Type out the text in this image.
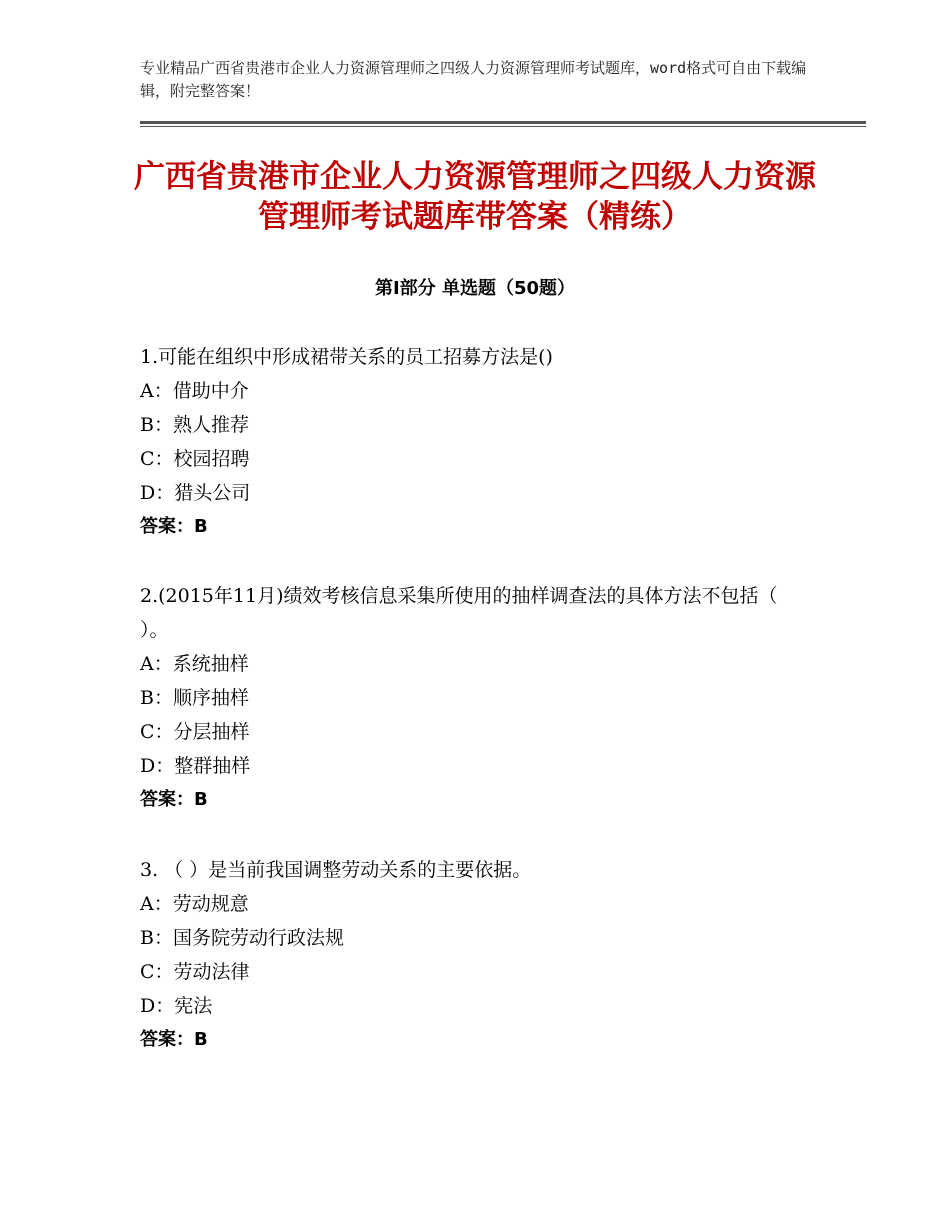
专业精品广西省贵港市企业人力资源管理师之四级人力资源管理师考试题库，word格式可自由下载编辑，附完整答案！
广西省贵港市企业人力资源管理师之四级人力资源管理师考试题库带答案（精练）
第Ⅰ部分 单选题（50题）
1.可能在组织中形成裙带关系的员工招募方法是()
A：借助中介
B：熟人推荐
C：校园招聘
D：猎头公司
答案：B
2.(2015年11月)绩效考核信息采集所使用的抽样调查法的具体方法不包括（ ）。
A：系统抽样
B：顺序抽样
C：分层抽样
D：整群抽样
答案：B
3. （ ）是当前我国调整劳动关系的主要依据。
A：劳动规意
B：国务院劳动行政法规
C：劳动法律
D：宪法
答案：B
